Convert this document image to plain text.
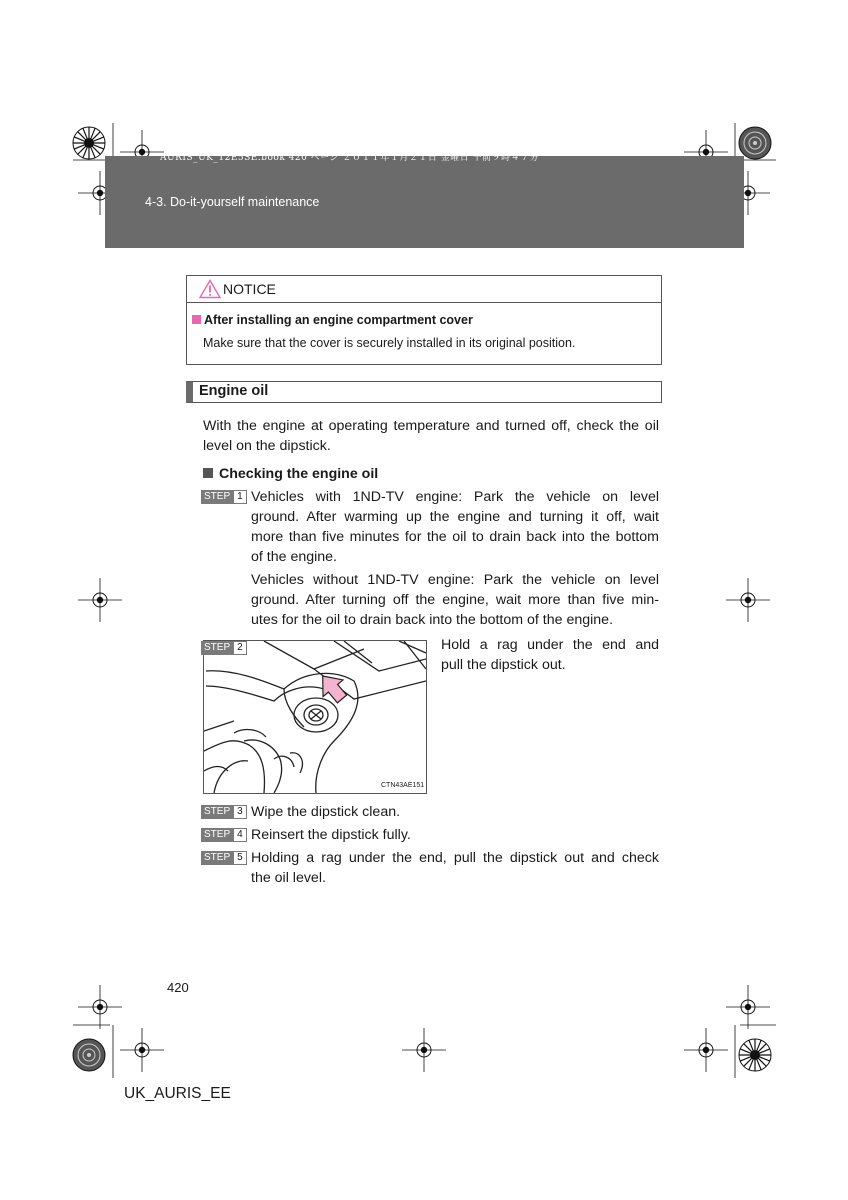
AURIS_UK_12E5SE.book 420 ページ ２０１１年１月２１日 金曜日 午前９時４７分
4-3. Do-it-yourself maintenance
NOTICE
After installing an engine compartment cover
Make sure that the cover is securely installed in its original position.
Engine oil
With the engine at operating temperature and turned off, check the oil
level on the dipstick.
Checking the engine oil
STEP 1 Vehicles with 1ND-TV engine: Park the vehicle on level
ground. After warming up the engine and turning it off, wait
more than five minutes for the oil to drain back into the bottom
of the engine.
Vehicles without 1ND-TV engine: Park the vehicle on level
ground. After turning off the engine, wait more than five min-
utes for the oil to drain back into the bottom of the engine.
CTN43AE151
STEP 2	Hold a rag under the end and
pull the dipstick out.
STEP 3 Wipe the dipstick clean.
STEP 4 Reinsert the dipstick fully.
STEP 5 Holding a rag under the end, pull the dipstick out and check
the oil level.
420
UK_AURIS_EE
